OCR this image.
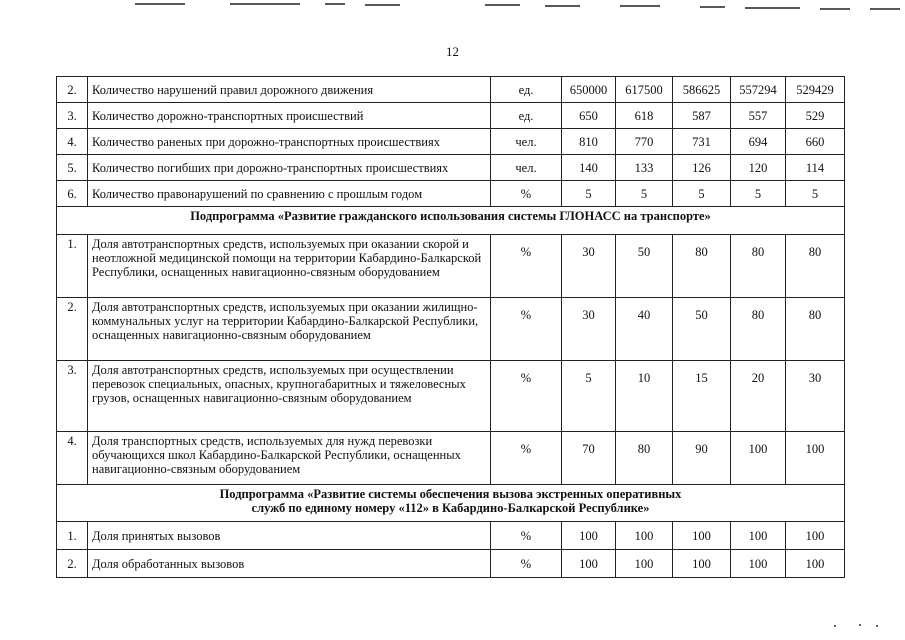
12
2.	Количество нарушений правил дорожного движения	ед.	650000	617500	586625	557294	529429
3.	Количество дорожно-транспортных происшествий	ед.	650	618	587	557	529
4.	Количество раненых при дорожно-транспортных происшествиях	чел.	810	770	731	694	660
5.	Количество погибших при дорожно-транспортных происшествиях	чел.	140	133	126	120	114
6.	Количество правонарушений по сравнению с прошлым годом	%	5	5	5	5	5
Подпрограмма «Развитие гражданского использования системы ГЛОНАСС на транспорте»							
1.	Доля автотранспортных средств, используемых при оказании скорой и неотложной медицинской помощи на территории Кабардино-Балкарской Республики, оснащенных навигационно-связным оборудованием	%	30	50	80	80	80
2.	Доля автотранспортных средств, используемых при оказании жилищно-коммунальных услуг на территории Кабардино-Балкарской Республики, оснащенных навигационно-связным оборудованием	%	30	40	50	80	80
3.	Доля автотранспортных средств, используемых при осуществлении перевозок специальных, опасных, крупногабаритных и тяжеловесных грузов, оснащенных навигационно-связным оборудованием	%	5	10	15	20	30
4.	Доля транспортных средств, используемых для нужд перевозки обучающихся школ Кабардино-Балкарской Республики, оснащенных навигационно-связным оборудованием	%	70	80	90	100	100
Подпрограмма «Развитие системы обеспечения вызова экстренных оперативных служб по единому номеру «112» в Кабардино-Балкарской Республике»							
1.	Доля принятых вызовов	%	100	100	100	100	100
2.	Доля обработанных вызовов	%	100	100	100	100	100
